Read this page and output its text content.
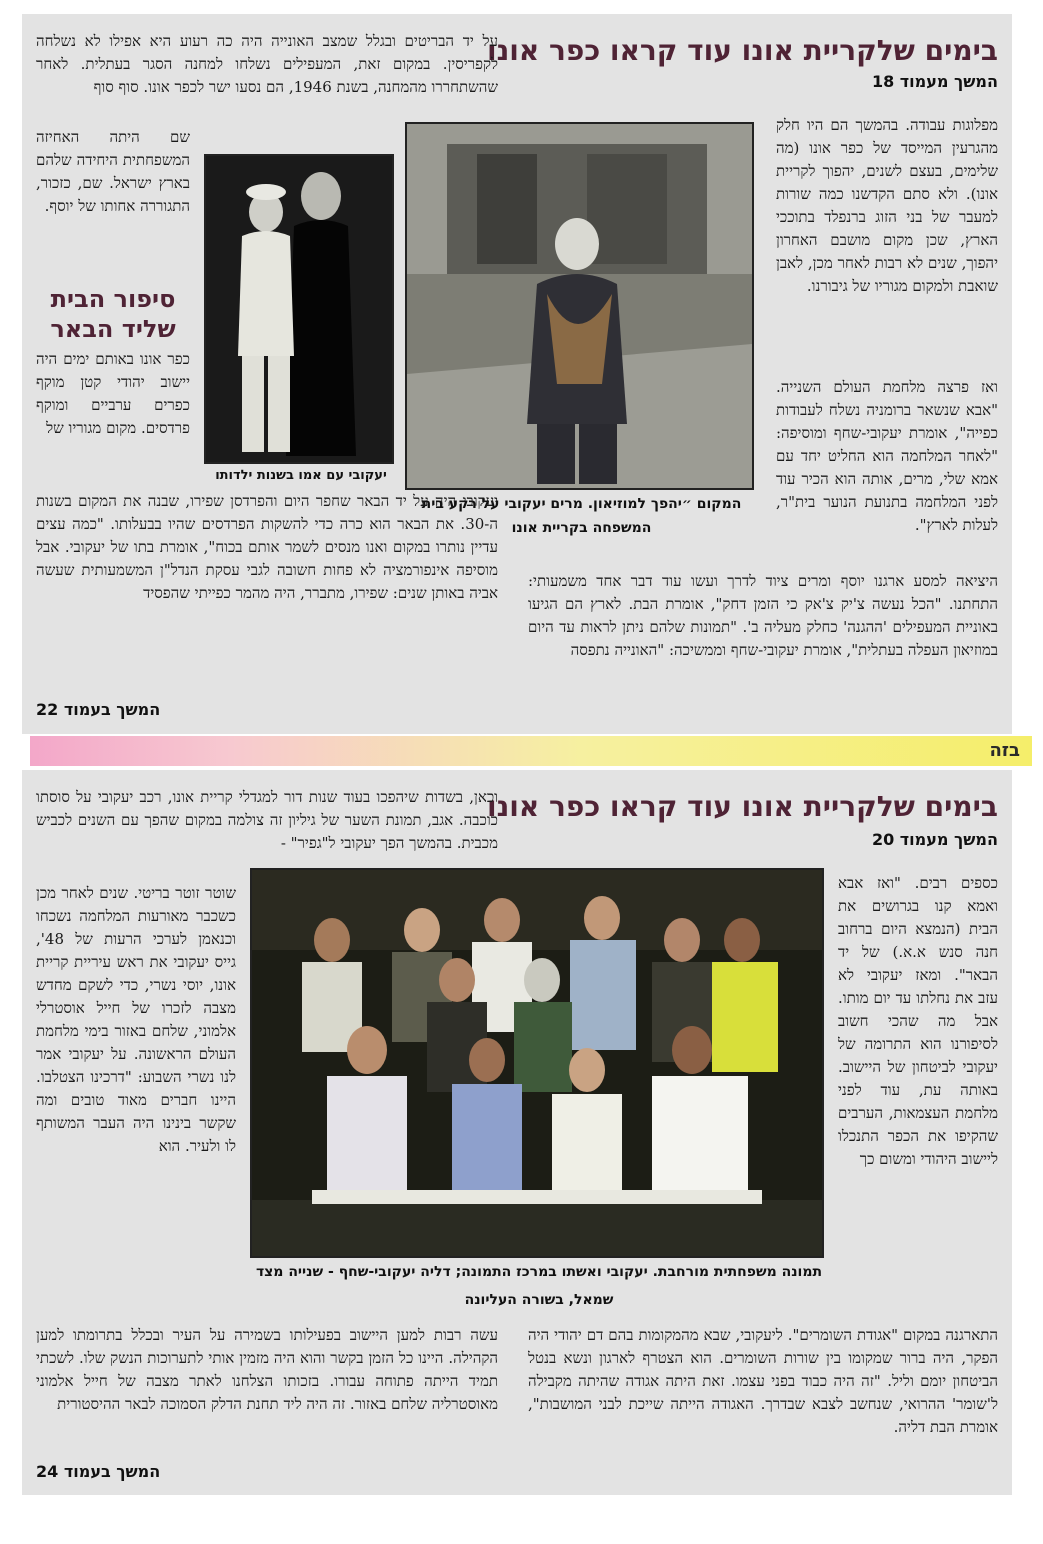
בימים שלקריית אונו עוד קראו כפר אונו
המשך מעמוד 18

מפלוגות עבודה. בהמשך הם היו חלק מהגרעין המייסד של כפר אונו (מה שלימים, בעצם לשנים, יהפוך לקריית אונו). ולא סתם הקדשנו כמה שורות למעבר של בני הזוג ברנפלד בתוככי הארץ, שכן מקום מושבם האחרון יהפוך, שנים לא רבות לאחר מכן, לאבן שואבת ולמקום מגוריו של גיבורנו.

ואז פרצה מלחמת העולם השנייה. "אבא שנשאר ברומניה נשלח לעבודות כפייה", אומרת יעקובי-שחף ומוסיפה: "לאחר המלחמה הוא החליט יחד עם אמא שלי, מרים, אותה הוא הכיר עוד לפני המלחמה בתנועת הנוער בית"ר, לעלות לארץ".

המקום ״יהפך למוזיאון. מרים יעקובי על רקע בית המשפחה בקריית אונו
יעקובי עם אמו בשנות ילדותו

על יד הבריטים ובגלל שמצב האונייה היה כה רעוע היא אפילו לא נשלחה לקפריסין. במקום זאת, המעפילים נשלחו למחנה הסגר בעתלית. לאחר שהשתחררו מהמחנה, בשנת 1946, הם נסעו ישר לכפר אונו. סוף סוף

שם היתה האחיזה המשפחתית היחידה שלהם בארץ ישראל. שם, כזכור, התגוררה אחותו של יוסף.

סיפור הבית שליד הבאר

כפר אונו באותם ימים היה יישוב יהודי קטן מוקף כפרים ערביים ומוקף פרדסים. מקום מגוריו של

יעקובי היה על יד הבאר שחפר היום והפרדסן שפירו, שבנה את המקום בשנות ה-30. את הבאר הוא כרה כדי להשקות הפרדסים שהיו בבעלותו. "כמה עצים עדיין נותרו במקום ואנו מנסים לשמר אותם בכוח", אומרת בתו של יעקובי. אבל מוסיפה אינפורמציה לא פחות חשובה לגבי עסקת הנדל"ן המשמעותית שעשה אביה באותן שנים: שפירו, מתברר, היה מהמר כפייתי שהפסיד

המשך בעמוד 22

היציאה למסע ארגנו יוסף ומרים ציוד לדרך ועשו עוד דבר אחד משמעותי: התחתנו. "הכל נעשה צ'יק צ'אק כי הזמן דחק", אומרת הבת. לארץ הם הגיעו באוניית המעפילים 'ההגנה' כחלק מעליה ב'. "תמונות שלהם ניתן לראות עד היום במוזיאון העפלה בעתלית", אומרת יעקובי-שחף וממשיכה: "האונייה נתפסה

בזה
בימים שלקריית אונו עוד קראו כפר אונו
המשך מעמוד 20

כספים רבים. "ואז אבא ואמא קנו בגרושים את הבית (הנמצא היום ברחוב חנה סנש א.א.) של יד הבאר". ומאז יעקובי לא עזב את נחלתו עד יום מותו. אבל מה שהכי חשוב לסיפורנו הוא התרומה של יעקובי לביטחון של היישוב. באותה עת, עוד לפני מלחמת העצמאות, הערבים שהקיפו את הכפר התנכלו ליישוב היהודי ומשום כך

תמונה משפחתית מורחבת. יעקובי ואשתו במרכז התמונה; דליה יעקובי-שחף - שנייה מצד שמאל, בשורה העליונה

וכאן, בשדות שיהפכו בעוד שנות דור למגדלי קריית אונו, רכב יעקובי על סוסתו כוכבה. אגב, תמונת השער של גיליון זה צולמה במקום שהפך עם השנים לכביש מכבית. בהמשך הפך יעקובי ל"גפיר" -

שוטר זוטר בריטי. שנים לאחר מכן כשכבר מאורעות המלחמה נשכחו וכנאמן לערכי הרעות של 48', גייס יעקובי את ראש עיריית קריית אונו, יוסי נשרי, כדי לשקם מחדש מצבה לזכרו של חייל אוסטרלי אלמוני, שלחם באזור בימי מלחמת העולם הראשונה. על יעקובי אמר לנו נשרי השבוע: "דרכינו הצטלבו. היינו חברים מאוד טובים ומה שקשר בינינו היה העבר המשותף לו ולעיר. הוא

עשה רבות למען היישוב בפעילותו בשמירה על העיר ובכלל בתרומתו למען הקהילה. היינו כל הזמן בקשר והוא היה מזמין אותי לתערוכות הנשק שלו. לשכתי תמיד הייתה פתוחה עבורו. בזכותו הצלחנו לאתר מצבה של חייל אלמוני מאוסטרליה שלחם באזור. זה היה ליד תחנת הדלק הסמוכה לבאר ההיסטורית

המשך בעמוד 24

התארגנה במקום "אגודת השומרים". ליעקובי, שבא מהמקומות בהם דם יהודי היה הפקר, היה ברור שמקומו בין שורות השומרים. הוא הצטרף לארגון ונשא בנטל הביטחון יומם וליל. "זה היה כבוד בפני עצמו. זאת היתה אגודה שהיתה מקבילה ל'שומר' ההרואי, שנחשב לצבא שבדרך. האגודה הייתה שייכת לבני המושבות", אומרת הבת דליה.
